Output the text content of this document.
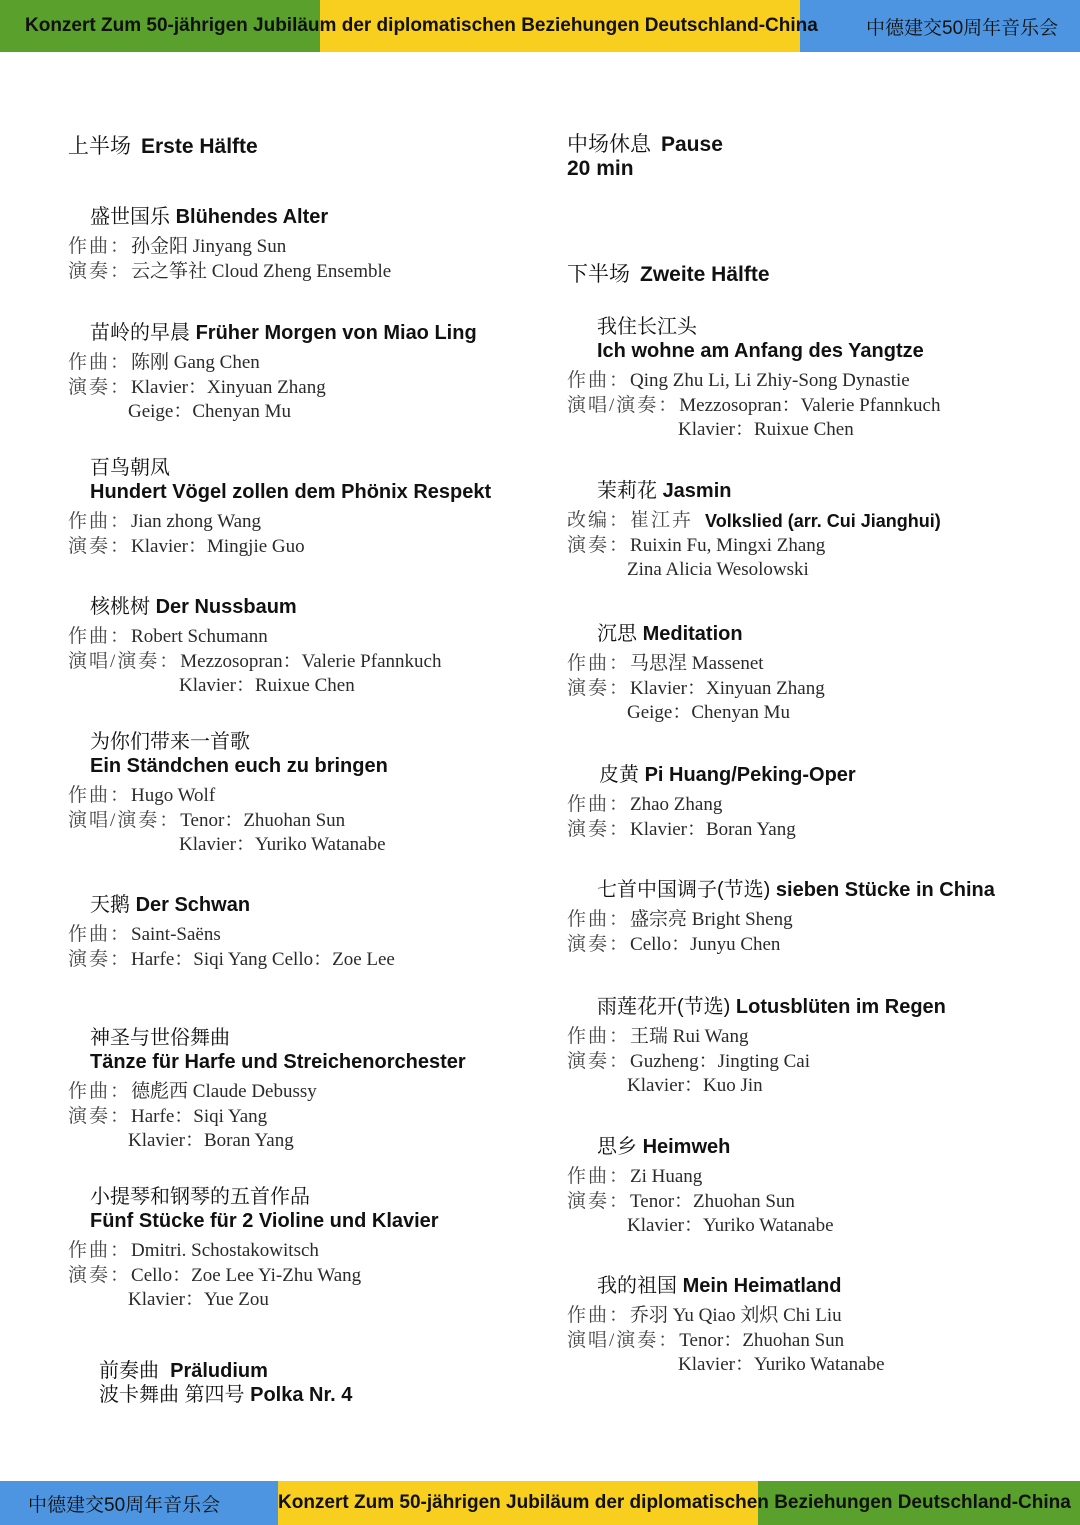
Konzert Zum 50-jährigen Jubiläum der diplomatischen Beziehungen Deutschland-China	中德建交50周年音乐会
上半场 Erste Hälfte
盛世国乐 Blühendes Alter
作曲： 孙金阳 Jinyang Sun
演奏： 云之筝社 Cloud Zheng Ensemble
苗岭的早晨 Früher Morgen von Miao Ling
作曲： 陈刚 Gang Chen
演奏： Klavier：Xinyuan Zhang
Geige：Chenyan Mu
百鸟朝凤
Hundert Vögel zollen dem Phönix Respekt
作曲： Jian zhong Wang
演奏： Klavier：Mingjie Guo
核桃树 Der Nussbaum
作曲： Robert Schumann
演唱/演奏： Mezzosopran：Valerie Pfannkuch
Klavier：Ruixue Chen
为你们带来一首歌
Ein Ständchen euch zu bringen
作曲： Hugo Wolf
演唱/演奏： Tenor：Zhuohan Sun
Klavier：Yuriko Watanabe
天鹅 Der Schwan
作曲： Saint-Saëns
演奏： Harfe：Siqi Yang Cello：Zoe Lee
神圣与世俗舞曲
Tänze für Harfe und Streichenorchester
作曲： 德彪西 Claude Debussy
演奏： Harfe：Siqi Yang
Klavier：Boran Yang
小提琴和钢琴的五首作品
Fünf Stücke für 2 Violine und Klavier
作曲： Dmitri. Schostakowitsch
演奏： Cello：Zoe Lee Yi-Zhu Wang
Klavier：Yue Zou
前奏曲 Präludium
波卡舞曲 第四号 Polka Nr. 4
中场休息 Pause
20 min
下半场 Zweite Hälfte
我住长江头
Ich wohne am Anfang des Yangtze
作曲： Qing Zhu Li, Li Zhiy-Song Dynastie
演唱/演奏： Mezzosopran：Valerie Pfannkuch
Klavier：Ruixue Chen
茉莉花 Jasmin
改编： 崔江卉 Volkslied (arr. Cui Jianghui)
演奏： Ruixin Fu, Mingxi Zhang
Zina Alicia Wesolowski
沉思 Meditation
作曲： 马思涅 Massenet
演奏： Klavier：Xinyuan Zhang
Geige：Chenyan Mu
皮黄 Pi Huang/Peking-Oper
作曲： Zhao Zhang
演奏： Klavier：Boran Yang
七首中国调子(节选) sieben Stücke in China
作曲： 盛宗亮 Bright Sheng
演奏： Cello：Junyu Chen
雨莲花开(节选) Lotusblüten im Regen
作曲： 王瑞 Rui Wang
演奏： Guzheng：Jingting Cai
Klavier：Kuo Jin
思乡 Heimweh
作曲： Zi Huang
演奏： Tenor：Zhuohan Sun
Klavier：Yuriko Watanabe
我的祖国 Mein Heimatland
作曲： 乔羽 Yu Qiao 刘炽 Chi Liu
演唱/演奏： Tenor：Zhuohan Sun
Klavier：Yuriko Watanabe
中德建交50周年音乐会	Konzert Zum 50-jährigen Jubiläum der diplomatischen Beziehungen Deutschland-China
